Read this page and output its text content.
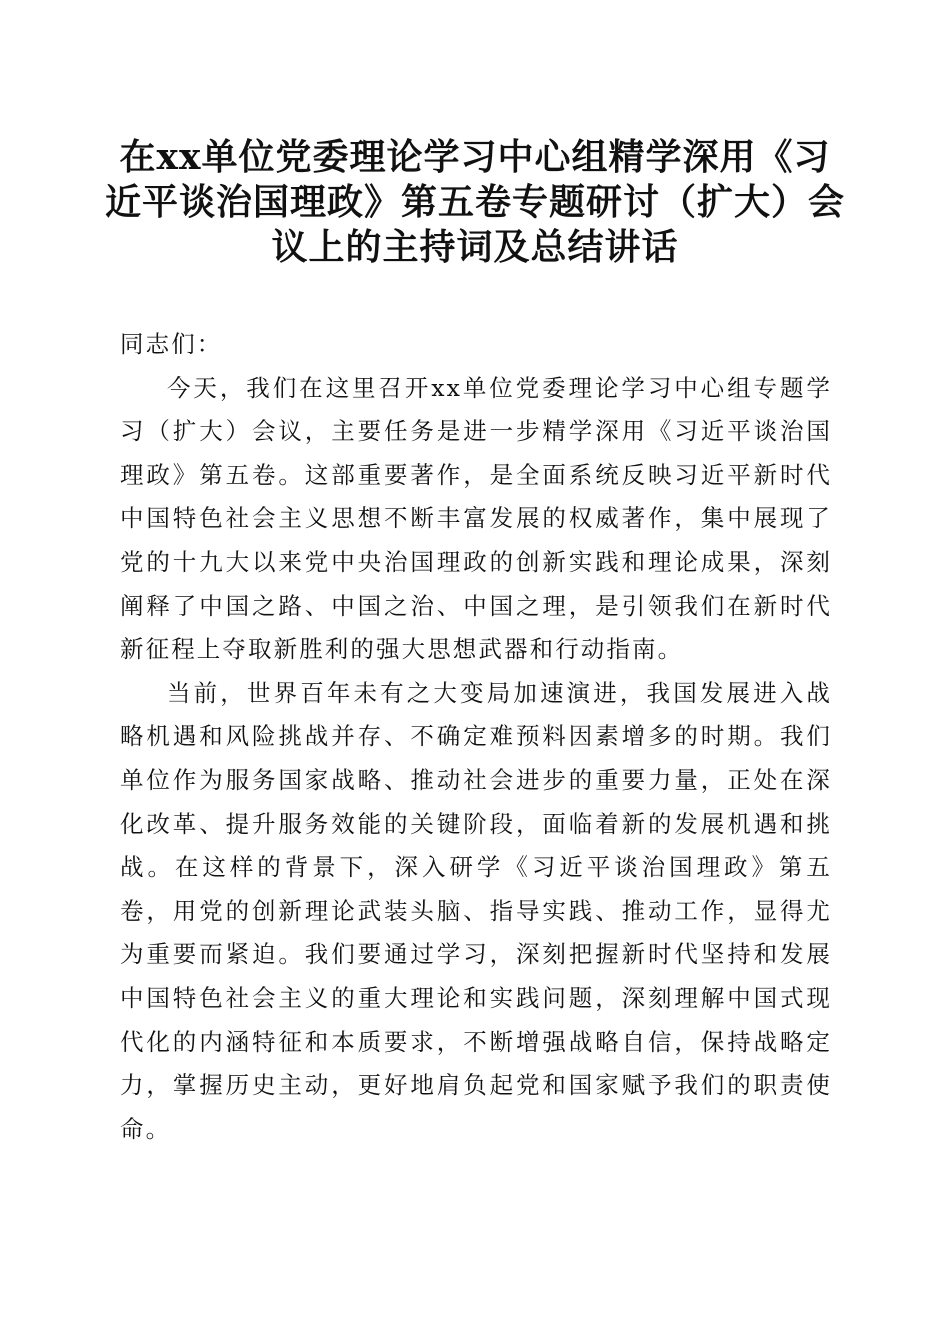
在xx单位党委理论学习中心组精学深用《习
近平谈治国理政》第五卷专题研讨（扩大）会
议上的主持词及总结讲话

同志们：

今天，我们在这里召开xx单位党委理论学习中心组专题学习（扩大）会议，主要任务是进一步精学深用《习近平谈治国理政》第五卷。这部重要著作，是全面系统反映习近平新时代中国特色社会主义思想不断丰富发展的权威著作，集中展现了党的十九大以来党中央治国理政的创新实践和理论成果，深刻阐释了中国之路、中国之治、中国之理，是引领我们在新时代新征程上夺取新胜利的强大思想武器和行动指南。

当前，世界百年未有之大变局加速演进，我国发展进入战略机遇和风险挑战并存、不确定难预料因素增多的时期。我们单位作为服务国家战略、推动社会进步的重要力量，正处在深化改革、提升服务效能的关键阶段，面临着新的发展机遇和挑战。在这样的背景下，深入研学《习近平谈治国理政》第五卷，用党的创新理论武装头脑、指导实践、推动工作，显得尤为重要而紧迫。我们要通过学习，深刻把握新时代坚持和发展中国特色社会主义的重大理论和实践问题，深刻理解中国式现代化的内涵特征和本质要求，不断增强战略自信，保持战略定力，掌握历史主动，更好地肩负起党和国家赋予我们的职责使命。
